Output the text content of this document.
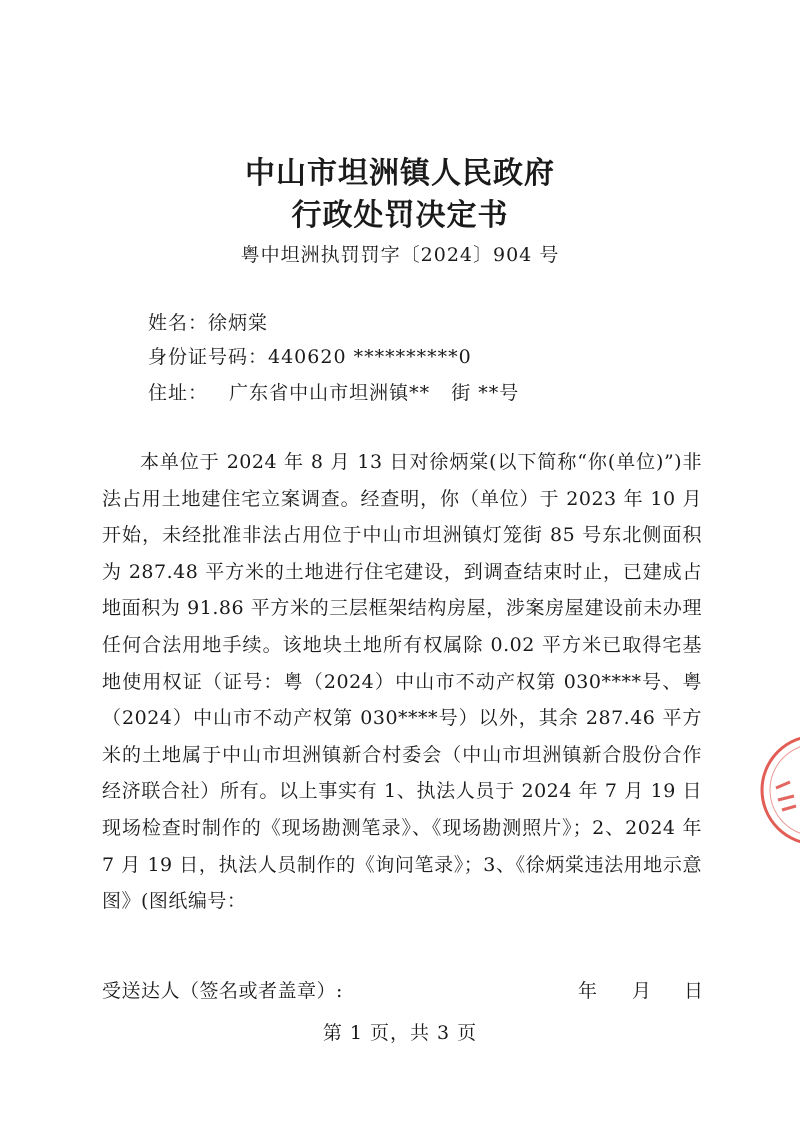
中山市坦洲镇人民政府
行政处罚决定书
粤中坦洲执罚罚字〔2024〕904 号
姓名：徐炳棠
身份证号码：440620 **********0
住址：   广东省中山市坦洲镇**   街 **号

本单位于 2024 年 8 月 13 日对徐炳棠(以下简称“你(单位)”)非法占用土地建住宅立案调查。经查明，你（单位）于 2023 年 10 月开始，未经批准非法占用位于中山市坦洲镇灯笼街 85 号东北侧面积为 287.48 平方米的土地进行住宅建设，到调查结束时止，已建成占地面积为 91.86 平方米的三层框架结构房屋，涉案房屋建设前未办理任何合法用地手续。该地块土地所有权属除 0.02 平方米已取得宅基地使用权证（证号：粤（2024）中山市不动产权第 030****号、粤（2024）中山市不动产权第 030****号）以外，其余 287.46 平方米的土地属于中山市坦洲镇新合村委会（中山市坦洲镇新合股份合作经济联合社）所有。以上事实有 1、执法人员于 2024 年 7 月 19 日现场检查时制作的《现场勘测笔录》、《现场勘测照片》；2、2024 年 7 月 19 日，执法人员制作的《询问笔录》；3、《徐炳棠违法用地示意图》(图纸编号：

受送达人（签名或者盖章）:	年 月 日
第 1 页，共 3 页
